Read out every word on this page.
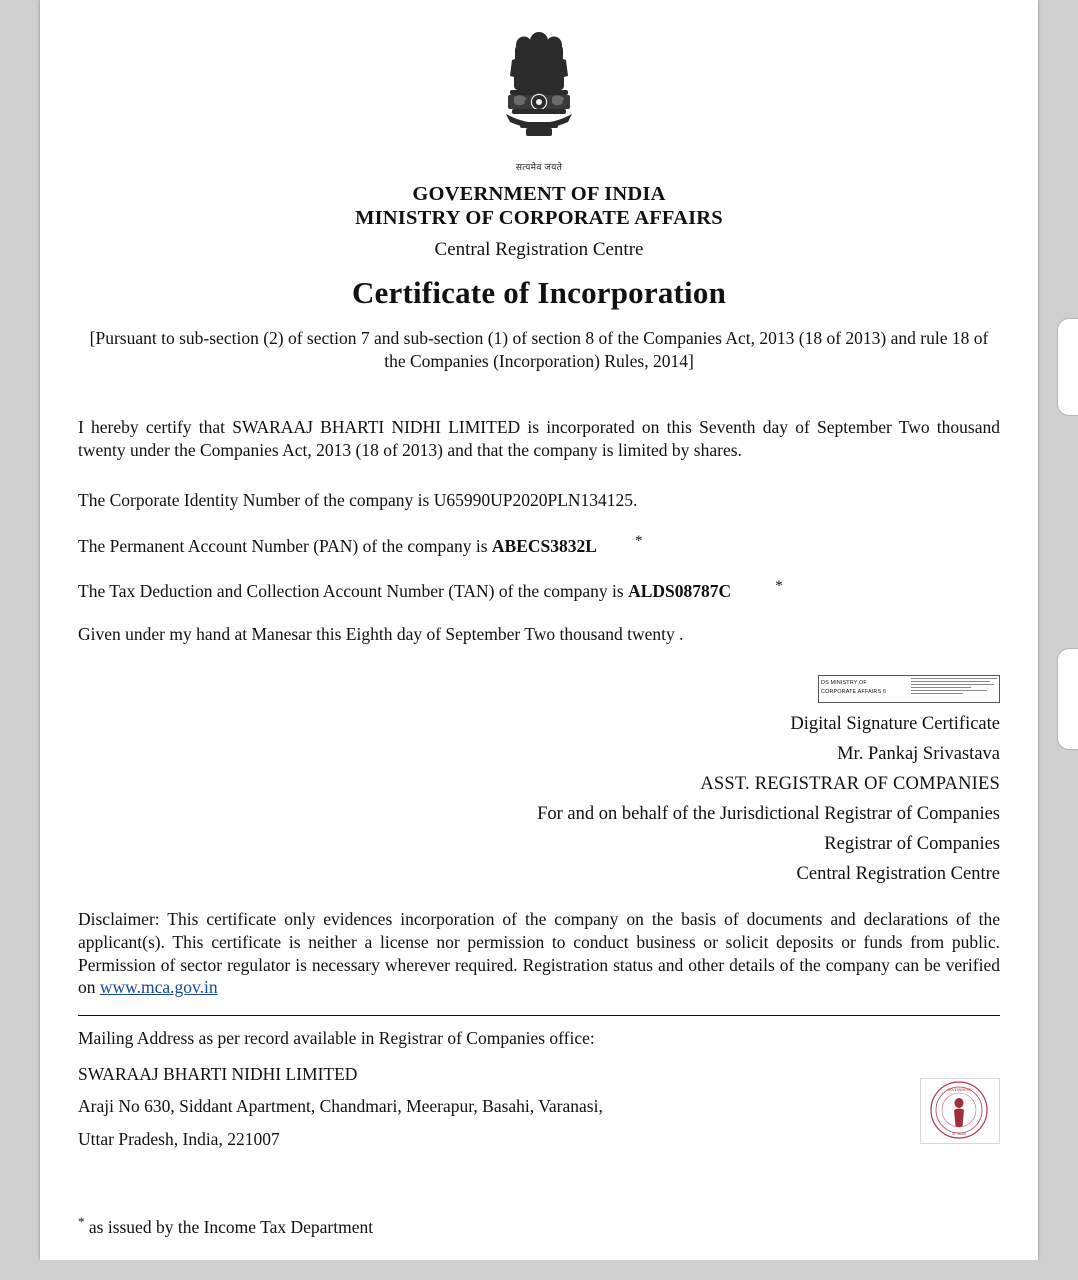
सत्यमेव जयते
GOVERNMENT OF INDIA
MINISTRY OF CORPORATE AFFAIRS
Central Registration Centre
Certificate of Incorporation
[Pursuant to sub-section (2) of section 7 and sub-section (1) of section 8 of the Companies Act, 2013 (18 of 2013) and rule 18 of the Companies (Incorporation) Rules, 2014]
I hereby certify that SWARAAJ BHARTI NIDHI LIMITED is incorporated on this Seventh day of September Two thousand twenty under the Companies Act, 2013 (18 of 2013) and that the company is limited by shares.
The Corporate Identity Number of the company is U65990UP2020PLN134125.
The Permanent Account Number (PAN) of the company is ABECS3832L	*
The Tax Deduction and Collection Account Number (TAN) of the company is ALDS08787C	*
Given under my hand at Manesar this Eighth day of September Two thousand twenty .
DS MINISTRY OF
CORPORATE AFFAIRS 6
Digital Signature Certificate
Mr. Pankaj Srivastava
ASST. REGISTRAR OF COMPANIES
For and on behalf of the Jurisdictional Registrar of Companies
Registrar of Companies
Central Registration Centre
Disclaimer: This certificate only evidences incorporation of the company on the basis of documents and declarations of the applicant(s). This certificate is neither a license nor permission to conduct business or solicit deposits or funds from public. Permission of sector regulator is necessary wherever required. Registration status and other details of the company can be verified on www.mca.gov.in
Mailing Address as per record available in Registrar of Companies office:
SWARAAJ BHARTI NIDHI LIMITED
Araji No 630, Siddant Apartment, Chandmari, Meerapur, Basahi, Varanasi,
Uttar Pradesh, India, 221007
GOVERNMENT
OF INDIA
* as issued by the Income Tax Department
